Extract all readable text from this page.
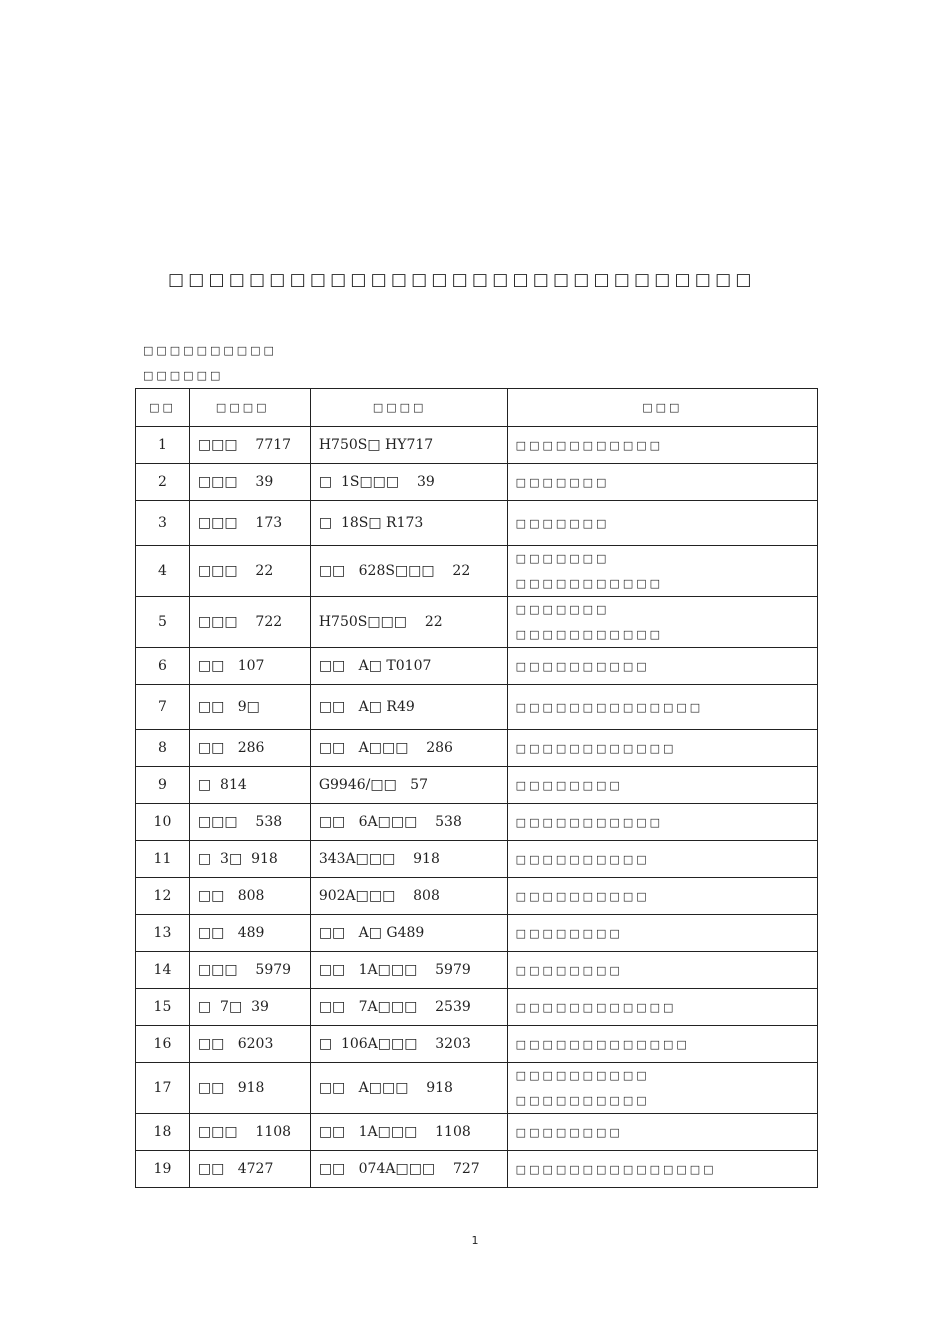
□□□□□□□□□□□□□□□□□□□□□□□□□□□□□
□□□□□□□□□□
□□□□□□
□□	□□□□	□□□□	□□□
1	□□□    7717	H750S□ HY717	□□□□□□□□□□□

2	□□□    39	□  1S□□□    39	□□□□□□□

3	□□□    173	□  18S□ R173	□□□□□□□

4	□□□    22	□□   628S□□□    22	□□□□□□□
□□□□□□□□□□□

5	□□□    722	H750S□□□    22	□□□□□□□
□□□□□□□□□□□

6	□□   107	□□   A□ T0107	□□□□□□□□□□

7	□□   9□	□□   A□ R49	□□□□□□□□□□□□□□

8	□□   286	□□   A□□□    286	□□□□□□□□□□□□

9	□  814	G9946/□□   57	□□□□□□□□

10	□□□    538	□□   6A□□□    538	□□□□□□□□□□□

11	□  3□  918	343A□□□    918	□□□□□□□□□□

12	□□   808	902A□□□    808	□□□□□□□□□□

13	□□   489	□□   A□ G489	□□□□□□□□

14	□□□    5979	□□   1A□□□    5979	□□□□□□□□

15	□  7□  39	□□   7A□□□    2539	□□□□□□□□□□□□

16	□□   6203	□  106A□□□    3203	□□□□□□□□□□□□□

17	□□   918	□□   A□□□    918	□□□□□□□□□□
□□□□□□□□□□

18	□□□    1108	□□   1A□□□    1108	□□□□□□□□

19	□□   4727	□□   074A□□□    727	□□□□□□□□□□□□□□□
1
